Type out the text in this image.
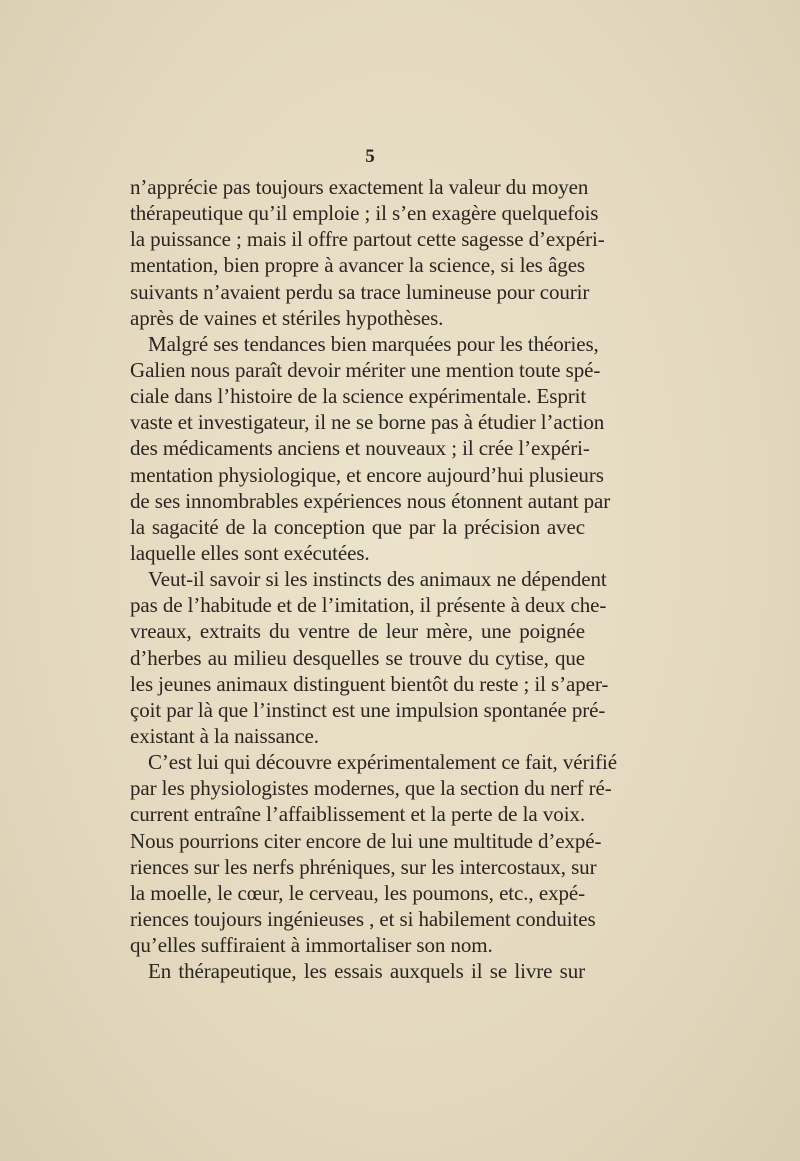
5

n’apprécie pas toujours exactement la valeur du moyen
thérapeutique qu’il emploie ; il s’en exagère quelquefois
la puissance ; mais il offre partout cette sagesse d’expéri-
mentation, bien propre à avancer la science, si les âges
suivants n’avaient perdu sa trace lumineuse pour courir
après de vaines et stériles hypothèses.

Malgré ses tendances bien marquées pour les théories,
Galien nous paraît devoir mériter une mention toute spé-
ciale dans l’histoire de la science expérimentale. Esprit
vaste et investigateur, il ne se borne pas à étudier l’action
des médicaments anciens et nouveaux ; il crée l’expéri-
mentation physiologique, et encore aujourd’hui plusieurs
de ses innombrables expériences nous étonnent autant par
la sagacité de la conception que par la précision avec
laquelle elles sont exécutées.

Veut-il savoir si les instincts des animaux ne dépendent
pas de l’habitude et de l’imitation, il présente à deux che-
vreaux, extraits du ventre de leur mère, une poignée
d’herbes au milieu desquelles se trouve du cytise, que
les jeunes animaux distinguent bientôt du reste ; il s’aper-
çoit par là que l’instinct est une impulsion spontanée pré-
existant à la naissance.

C’est lui qui découvre expérimentalement ce fait, vérifié
par les physiologistes modernes, que la section du nerf ré-
current entraîne l’affaiblissement et la perte de la voix.
Nous pourrions citer encore de lui une multitude d’expé-
riences sur les nerfs phréniques, sur les intercostaux, sur
la moelle, le cœur, le cerveau, les poumons, etc., expé-
riences toujours ingénieuses , et si habilement conduites
qu’elles suffiraient à immortaliser son nom.

En thérapeutique, les essais auxquels il se livre sur
